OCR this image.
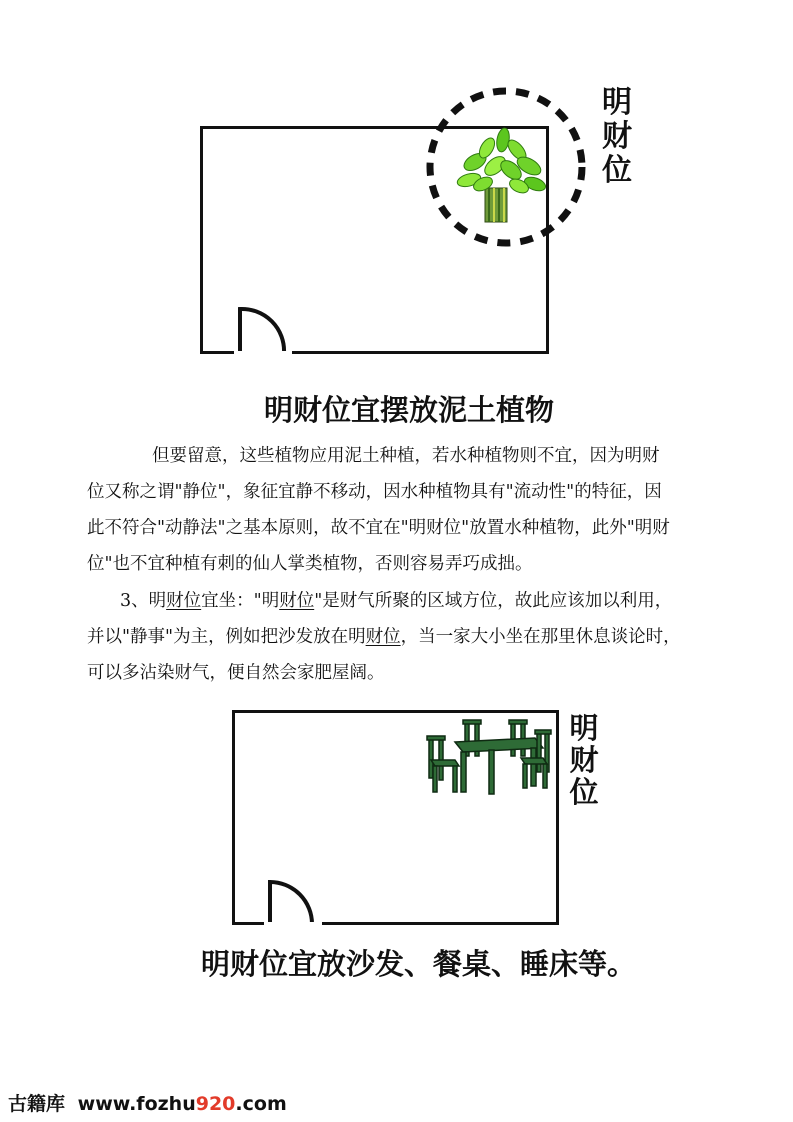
明财位
明财位宜摆放泥土植物
但要留意，这些植物应用泥土种植，若水种植物则不宜，因为明财
位又称之谓"静位"，象征宜静不移动，因水种植物具有"流动性"的特征，因
此不符合"动静法"之基本原则，故不宜在"明财位"放置水种植物，此外"明财
位"也不宜种植有刺的仙人掌类植物，否则容易弄巧成拙。
3、明财位宜坐："明财位"是财气所聚的区域方位，故此应该加以利用，
并以"静事"为主，例如把沙发放在明财位，当一家大小坐在那里休息谈论时，
可以多沾染财气，便自然会家肥屋阔。
明财位
明财位宜放沙发、餐桌、睡床等。
古籍库 www.fozhu920.com
